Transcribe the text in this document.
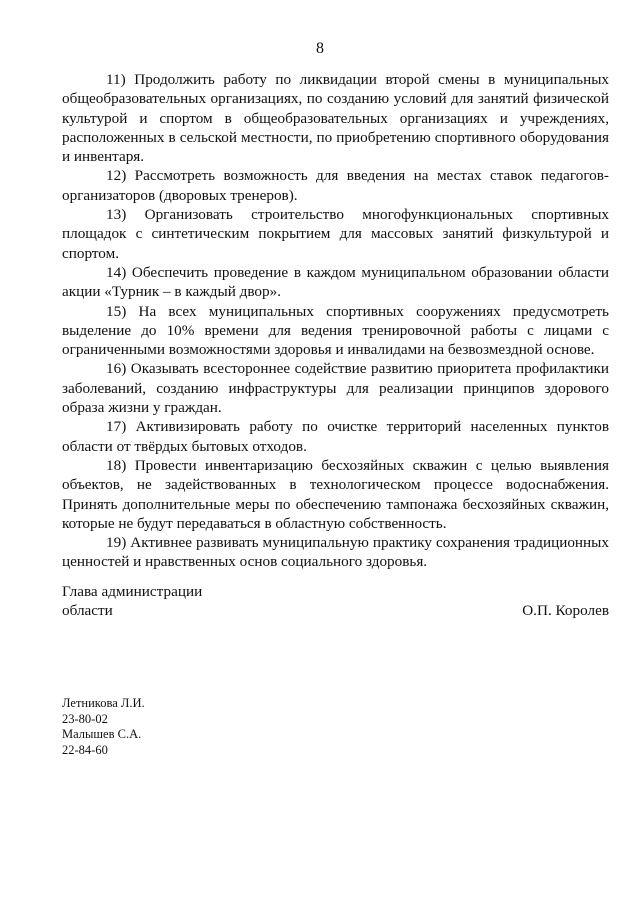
8

11) Продолжить работу по ликвидации второй смены в муниципальных общеобразовательных организациях, по созданию условий для занятий физической культурой и спортом в общеобразовательных организациях и учреждениях, расположенных в сельской местности, по приобретению спортивного оборудования и инвентаря.

12) Рассмотреть возможность для введения на местах ставок педагогов-организаторов (дворовых тренеров).

13) Организовать строительство многофункциональных спортивных площадок с синтетическим покрытием для массовых занятий физкультурой и спортом.

14) Обеспечить проведение в каждом муниципальном образовании области акции «Турник – в каждый двор».

15) На всех муниципальных спортивных сооружениях предусмотреть выделение до 10% времени для ведения тренировочной работы с лицами с ограниченными возможностями здоровья и инвалидами на безвозмездной основе.

16) Оказывать всестороннее содействие развитию приоритета профилактики заболеваний, созданию инфраструктуры для реализации принципов здорового образа жизни у граждан.

17) Активизировать работу по очистке территорий населенных пунктов области от твёрдых бытовых отходов.

18) Провести инвентаризацию бесхозяйных скважин с целью выявления объектов, не задействованных в технологическом процессе водоснабжения. Принять дополнительные меры по обеспечению тампонажа бесхозяйных скважин, которые не будут передаваться в областную собственность.

19) Активнее развивать муниципальную практику сохранения традиционных ценностей и нравственных основ социального здоровья.

Глава администрации
области	О.П. Королев
Летникова Л.И.
23-80-02
Малышев С.А.
22-84-60
